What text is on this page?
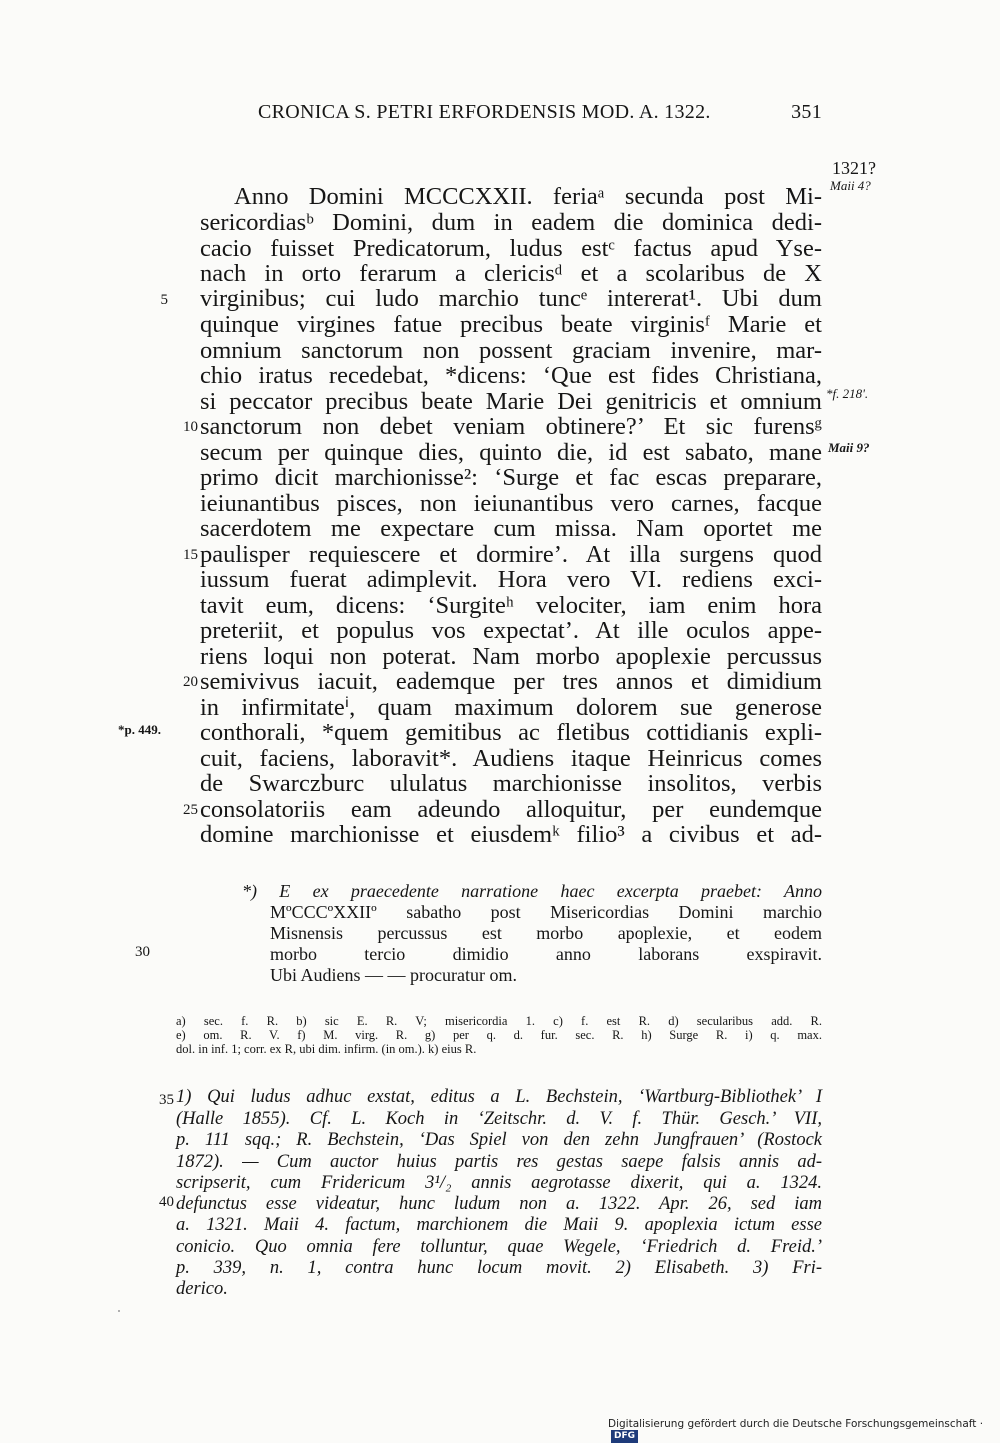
CRONICA S. PETRI ERFORDENSIS MOD. A. 1322.	351
1321?
Maii 4?
*f. 218'.
Maii 9?
*p. 449.
Anno Domini MCCCXXII. feriaᵃ secunda post Mi-
sericordiasᵇ Domini, dum in eadem die dominica dedi-
cacio fuisset Predicatorum, ludus estᶜ factus apud Yse-
nach in orto ferarum a clericisᵈ et a scolaribus de X
virginibus; cui ludo marchio tuncᵉ intererat¹. Ubi dum
quinque virgines fatue precibus beate virginisᶠ Marie et
omnium sanctorum non possent graciam invenire, mar-
chio iratus recedebat, *dicens: ‘Que est fides Christiana,
si peccator precibus beate Marie Dei genitricis et omnium
sanctorum non debet veniam obtinere?’ Et sic furensᵍ
secum per quinque dies, quinto die, id est sabato, mane
primo dicit marchionisse²: ‘Surge et fac escas preparare,
ieiunantibus pisces, non ieiunantibus vero carnes, facque
sacerdotem me expectare cum missa. Nam oportet me
paulisper requiescere et dormire’. At illa surgens quod
iussum fuerat adimplevit. Hora vero VI. rediens exci-
tavit eum, dicens: ‘Surgiteʰ velociter, iam enim hora
preteriit, et populus vos expectat’. At ille oculos appe-
riens loqui non poterat. Nam morbo apoplexie percussus
semivivus iacuit, eademque per tres annos et dimidium
in infirmitateⁱ, quam maximum dolorem sue generose
conthorali, *quem gemitibus ac fletibus cottidianis expli-
cuit, faciens, laboravit*. Audiens itaque Heinricus comes
de Swarczburc ululatus marchionisse insolitos, verbis
consolatoriis eam adeundo alloquitur, per eundemque
domine marchionisse et eiusdemᵏ filio³ a civibus et ad-
5
10
15
20
25
30
35
40
*) E ex praecedente narratione haec excerpta praebet: Anno
MºCCCºXXIIº sabatho post Misericordias Domini marchio
Misnensis percussus est morbo apoplexie, et eodem
morbo tercio dimidio anno laborans exspiravit.
Ubi Audiens — — procuratur om.
a) sec. f. R. b) sic E. R. V; misericordia 1. c) f. est R. d) secularibus add. R.
e) om. R. V. f) M. virg. R. g) per q. d. fur. sec. R. h) Surge R. i) q. max.
dol. in inf. 1; corr. ex R, ubi dim. infirm. (in om.). k) eius R.
1) Qui ludus adhuc exstat, editus a L. Bechstein, ‘Wartburg-Bibliothek’ I
(Halle 1855). Cf. L. Koch in ‘Zeitschr. d. V. f. Thür. Gesch.’ VII,
p. 111 sqq.; R. Bechstein, ‘Das Spiel von den zehn Jungfrauen’ (Rostock
1872). — Cum auctor huius partis res gestas saepe falsis annis ad-
scripserit, cum Fridericum 3¹/₂ annis aegrotasse dixerit, qui a. 1324.
defunctus esse videatur, hunc ludum non a. 1322. Apr. 26, sed iam
a. 1321. Maii 4. factum, marchionem die Maii 9. apoplexia ictum esse
conicio. Quo omnia fere tolluntur, quae Wegele, ‘Friedrich d. Freid.’
p. 339, n. 1, contra hunc locum movit. 2) Elisabeth. 3) Fri-
derico.
Digitalisierung gefördert durch die Deutsche Forschungsgemeinschaft · DFG
